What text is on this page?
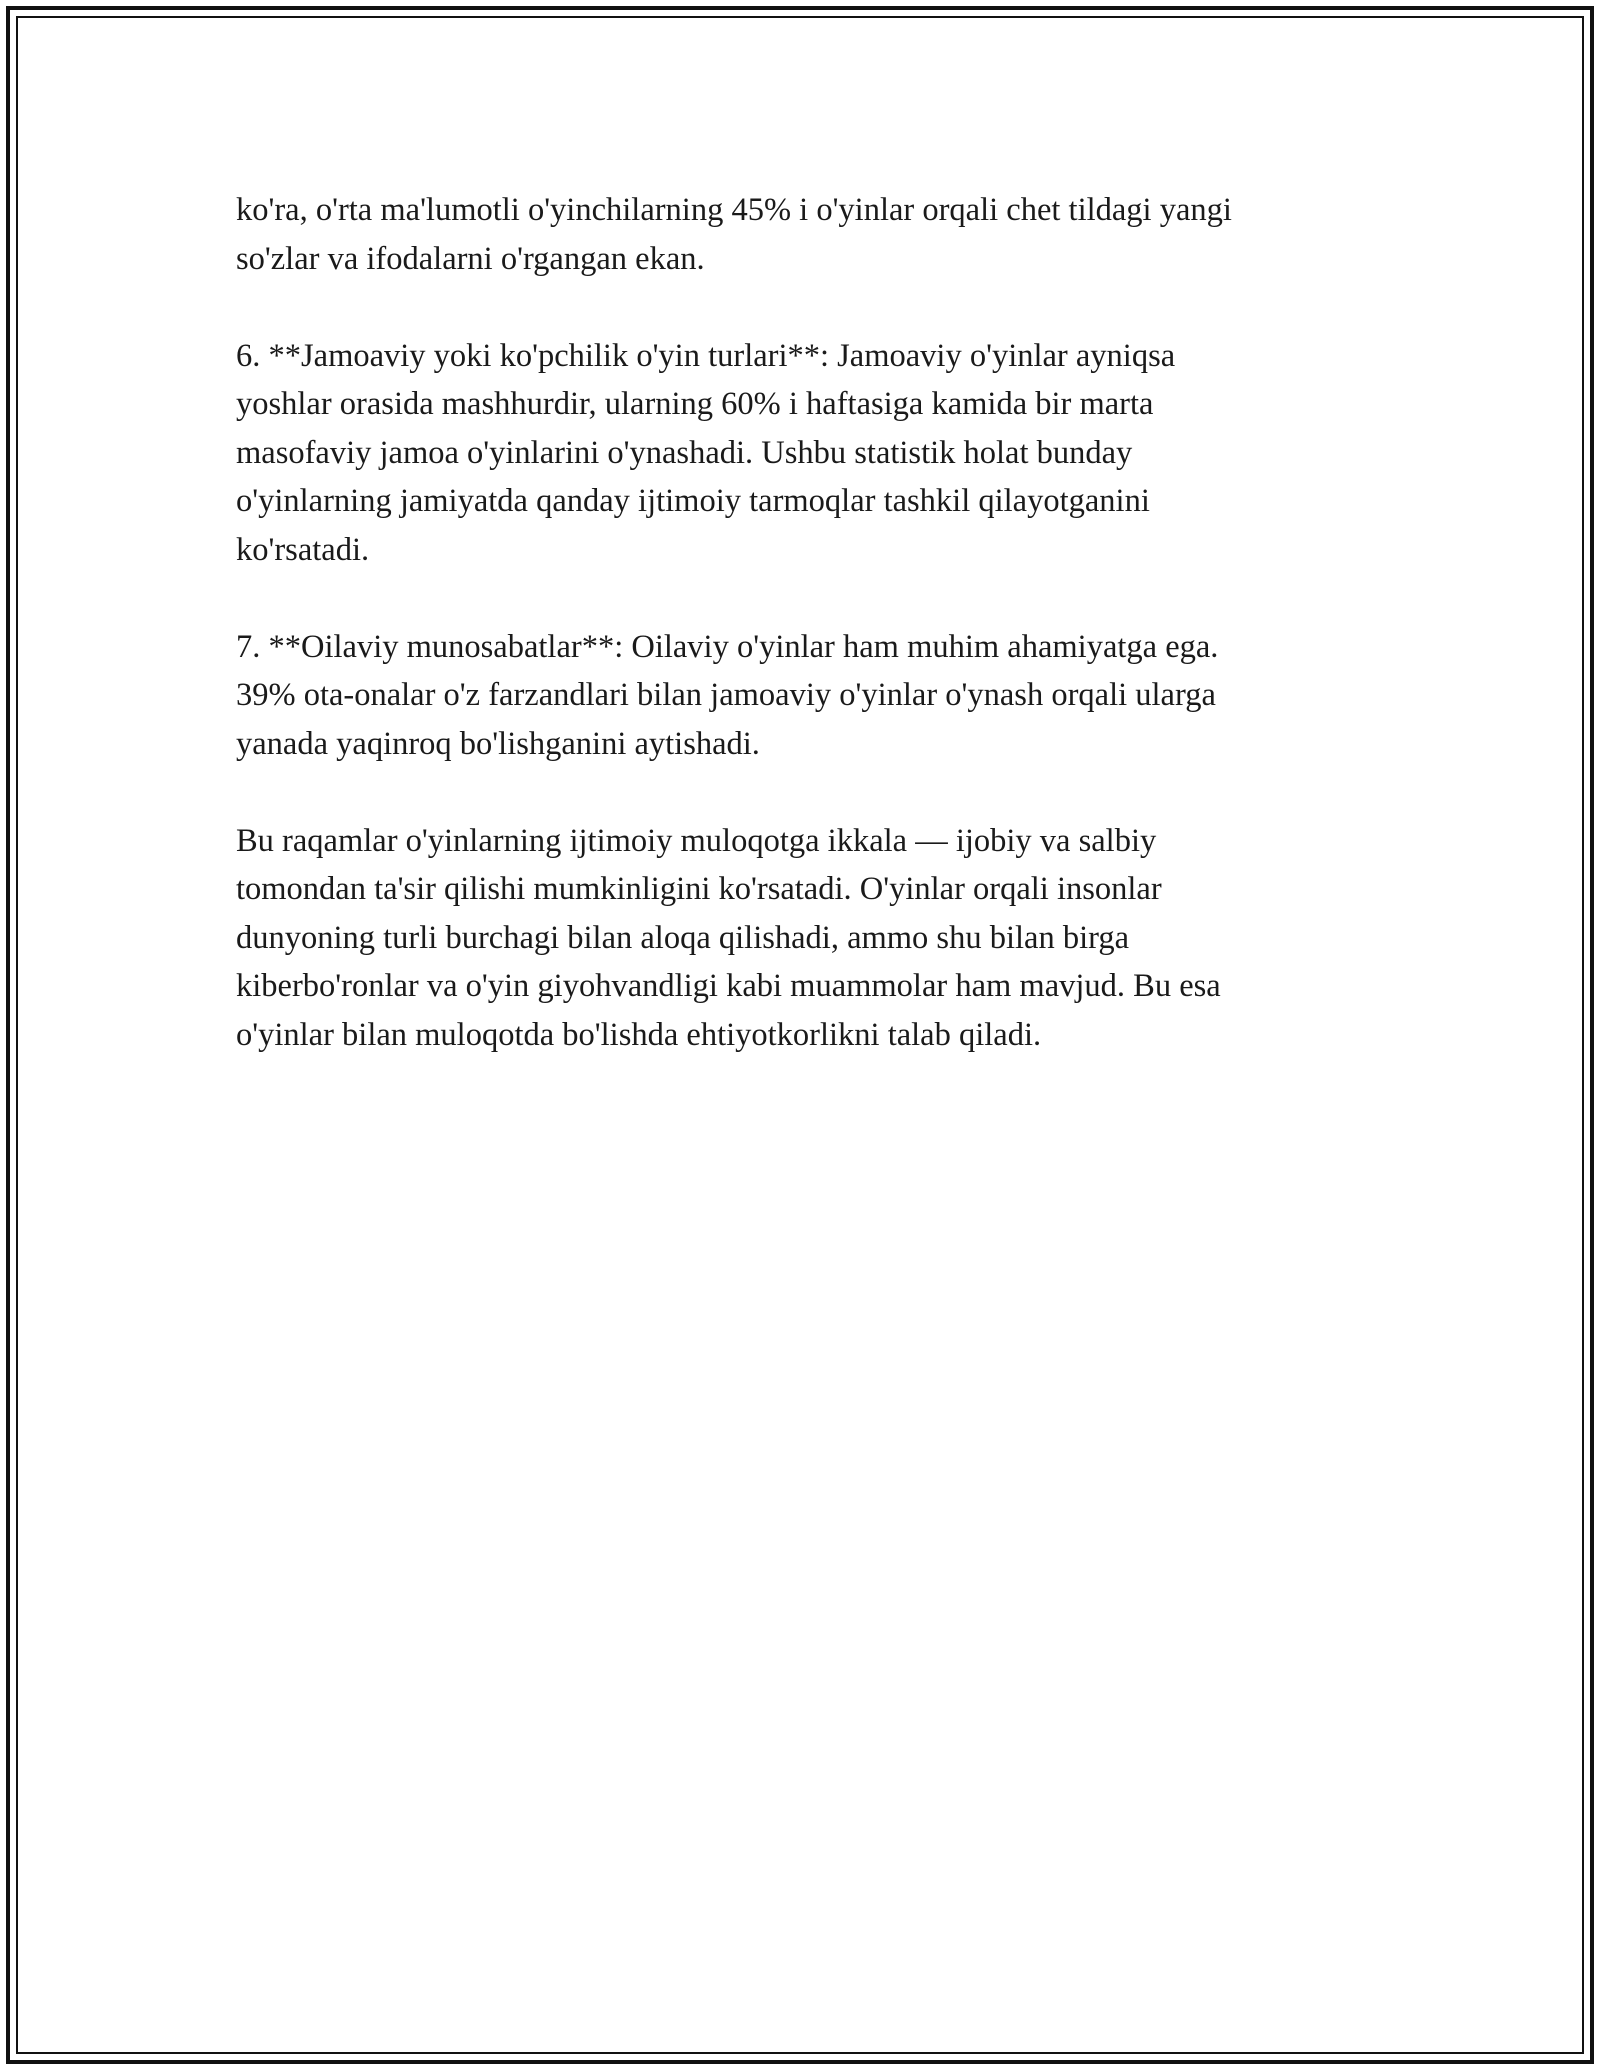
ko'ra, o'rta ma'lumotli o'yinchilarning 45% i o'yinlar orqali chet tildagi yangi
so'zlar va ifodalarni o'rgangan ekan.

6. **Jamoaviy yoki ko'pchilik o'yin turlari**: Jamoaviy o'yinlar ayniqsa
yoshlar orasida mashhurdir, ularning 60% i haftasiga kamida bir marta
masofaviy jamoa o'yinlarini o'ynashadi. Ushbu statistik holat bunday
o'yinlarning jamiyatda qanday ijtimoiy tarmoqlar tashkil qilayotganini
ko'rsatadi.

7. **Oilaviy munosabatlar**: Oilaviy o'yinlar ham muhim ahamiyatga ega.
39% ota-onalar o'z farzandlari bilan jamoaviy o'yinlar o'ynash orqali ularga
yanada yaqinroq bo'lishganini aytishadi.

Bu raqamlar o'yinlarning ijtimoiy muloqotga ikkala — ijobiy va salbiy
tomondan ta'sir qilishi mumkinligini ko'rsatadi. O'yinlar orqali insonlar
dunyoning turli burchagi bilan aloqa qilishadi, ammo shu bilan birga
kiberbo'ronlar va o'yin giyohvandligi kabi muammolar ham mavjud. Bu esa
o'yinlar bilan muloqotda bo'lishda ehtiyotkorlikni talab qiladi.
